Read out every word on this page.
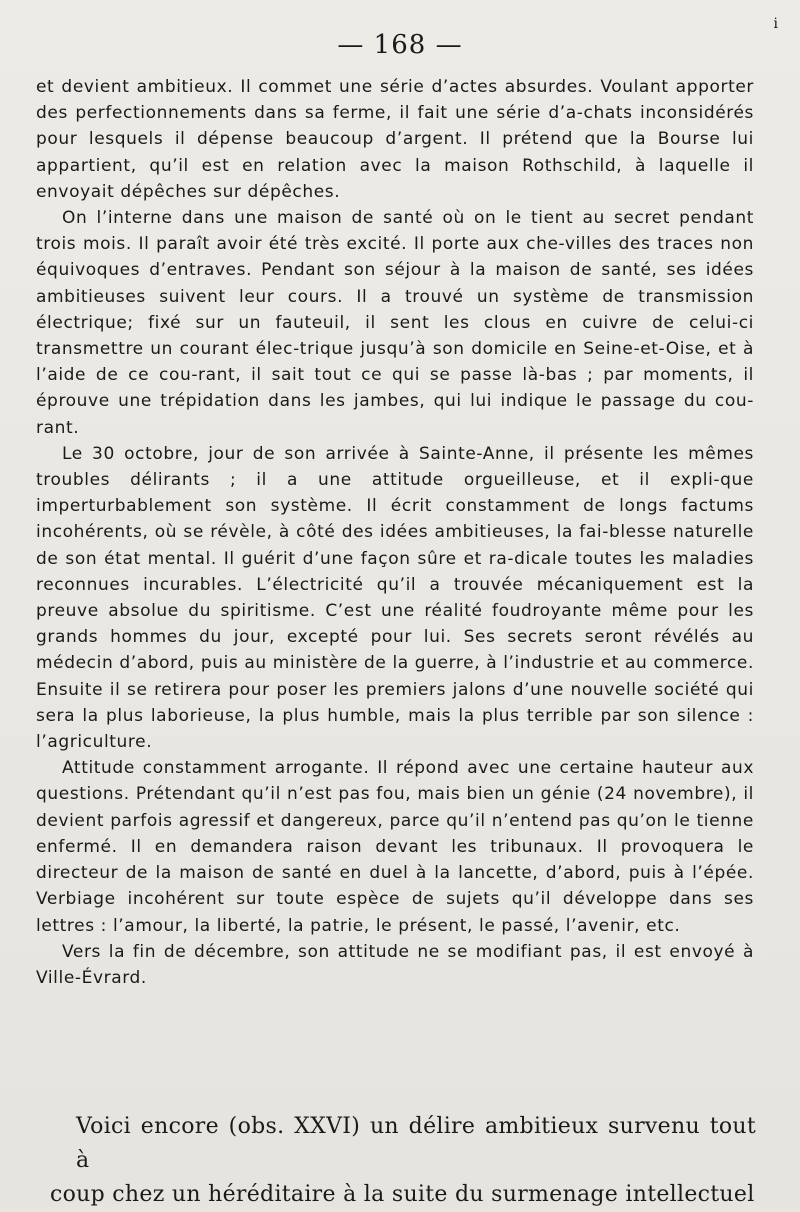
i
— 168 —

et devient ambitieux. Il commet une série d’actes absurdes. Voulant apporter des perfectionnements dans sa ferme, il fait une série d’a-chats inconsidérés pour lesquels il dépense beaucoup d’argent. Il prétend que la Bourse lui appartient, qu’il est en relation avec la maison Rothschild, à laquelle il envoyait dépêches sur dépêches.

On l’interne dans une maison de santé où on le tient au secret pendant trois mois. Il paraît avoir été très excité. Il porte aux che-villes des traces non équivoques d’entraves. Pendant son séjour à la maison de santé, ses idées ambitieuses suivent leur cours. Il a trouvé un système de transmission électrique; fixé sur un fauteuil, il sent les clous en cuivre de celui-ci transmettre un courant élec-trique jusqu’à son domicile en Seine-et-Oise, et à l’aide de ce cou-rant, il sait tout ce qui se passe là-bas ; par moments, il éprouve une trépidation dans les jambes, qui lui indique le passage du cou-rant.

Le 30 octobre, jour de son arrivée à Sainte-Anne, il présente les mêmes troubles délirants ; il a une attitude orgueilleuse, et il expli-que imperturbablement son système. Il écrit constamment de longs factums incohérents, où se révèle, à côté des idées ambitieuses, la fai-blesse naturelle de son état mental. Il guérit d’une façon sûre et ra-dicale toutes les maladies reconnues incurables. L’électricité qu’il a trouvée mécaniquement est la preuve absolue du spiritisme. C’est une réalité foudroyante même pour les grands hommes du jour, excepté pour lui. Ses secrets seront révélés au médecin d’abord, puis au ministère de la guerre, à l’industrie et au commerce. Ensuite il se retirera pour poser les premiers jalons d’une nouvelle société qui sera la plus laborieuse, la plus humble, mais la plus terrible par son silence : l’agriculture.

Attitude constamment arrogante. Il répond avec une certaine hauteur aux questions. Prétendant qu’il n’est pas fou, mais bien un génie (24 novembre), il devient parfois agressif et dangereux, parce qu’il n’entend pas qu’on le tienne enfermé. Il en demandera raison devant les tribunaux. Il provoquera le directeur de la maison de santé en duel à la lancette, d’abord, puis à l’épée. Verbiage incohérent sur toute espèce de sujets qu’il développe dans ses lettres : l’amour, la liberté, la patrie, le présent, le passé, l’avenir, etc.

Vers la fin de décembre, son attitude ne se modifiant pas, il est envoyé à Ville-Évrard.

Voici encore (obs. XXVI) un délire ambitieux survenu tout à

coup chez un héréditaire à la suite du surmenage intellectuel
